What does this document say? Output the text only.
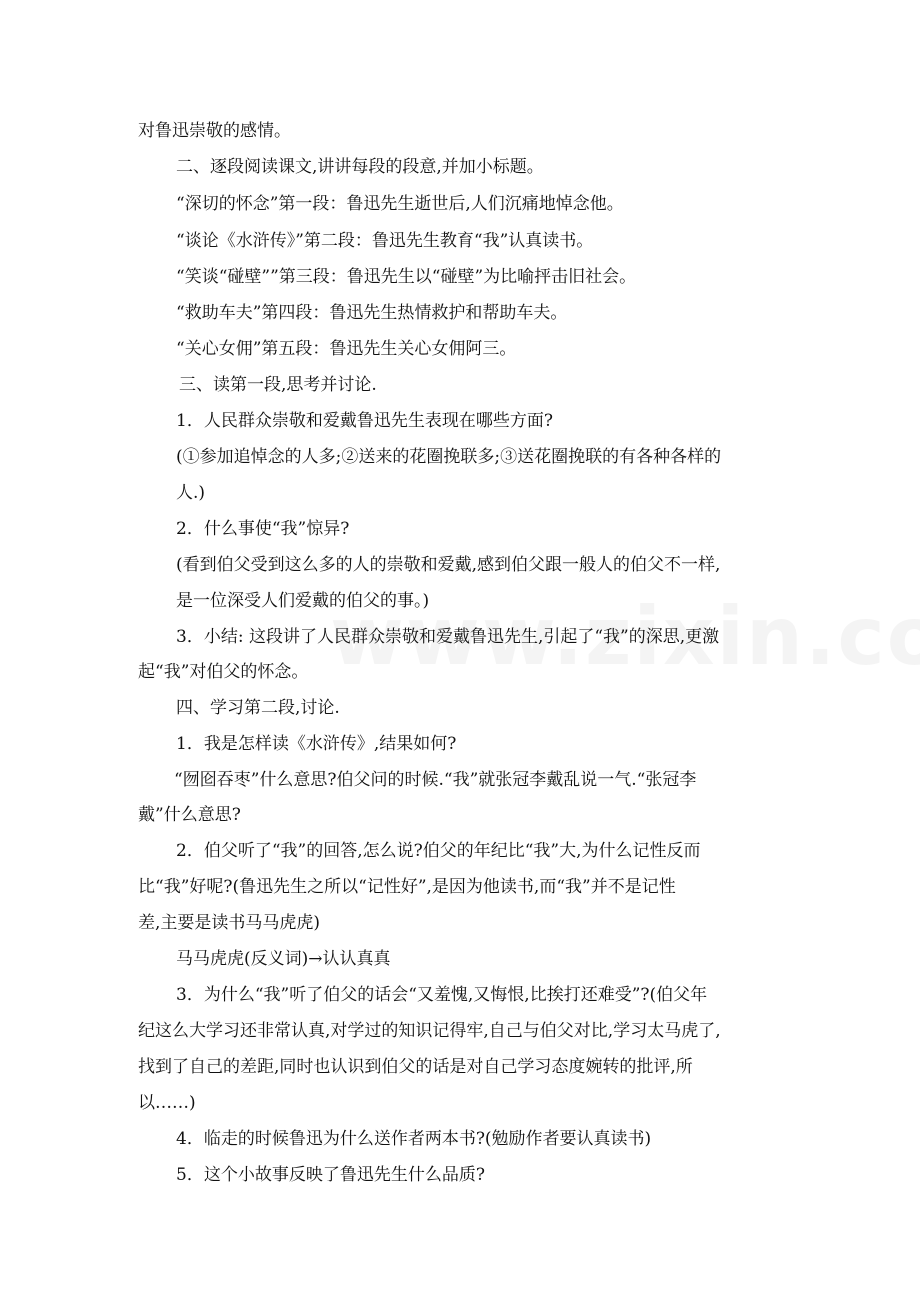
对鲁迅崇敬的感情。
二、逐段阅读课文,讲讲每段的段意,并加小标题。
“深切的怀念”第一段：鲁迅先生逝世后,人们沉痛地悼念他。
“谈论《水浒传》”第二段：鲁迅先生教育“我”认真读书。
“笑谈“碰壁””第三段：鲁迅先生以“碰壁”为比喻抨击旧社会。
“救助车夫”第四段：鲁迅先生热情救护和帮助车夫。
“关心女佣”第五段：鲁迅先生关心女佣阿三。
三、读第一段,思考并讨论.
1．人民群众崇敬和爱戴鲁迅先生表现在哪些方面?
(①参加追悼念的人多;②送来的花圈挽联多;③送花圈挽联的有各种各样的
人.)
2．什么事使“我”惊异?
(看到伯父受到这么多的人的崇敬和爱戴,感到伯父跟一般人的伯父不一样,
是一位深受人们爱戴的伯父的事。)
3．小结: 这段讲了人民群众崇敬和爱戴鲁迅先生,引起了“我”的深思,更激
起“我”对伯父的怀念。
四、学习第二段,讨论.
1．我是怎样读《水浒传》,结果如何?
“囫囵吞枣”什么意思?伯父问的时候.“我”就张冠李戴乱说一气.“张冠李
戴”什么意思?
2．伯父听了“我”的回答,怎么说?伯父的年纪比“我”大,为什么记性反而
比“我”好呢?(鲁迅先生之所以“记性好”,是因为他读书,而“我”并不是记性
差,主要是读书马马虎虎)
马马虎虎(反义词)→认认真真
3．为什么“我”听了伯父的话会“又羞愧,又悔恨,比挨打还难受”?(伯父年
纪这么大学习还非常认真,对学过的知识记得牢,自己与伯父对比,学习太马虎了,
找到了自己的差距,同时也认识到伯父的话是对自己学习态度婉转的批评,所
以……)
4．临走的时候鲁迅为什么送作者两本书?(勉励作者要认真读书)
5．这个小故事反映了鲁迅先生什么品质?
